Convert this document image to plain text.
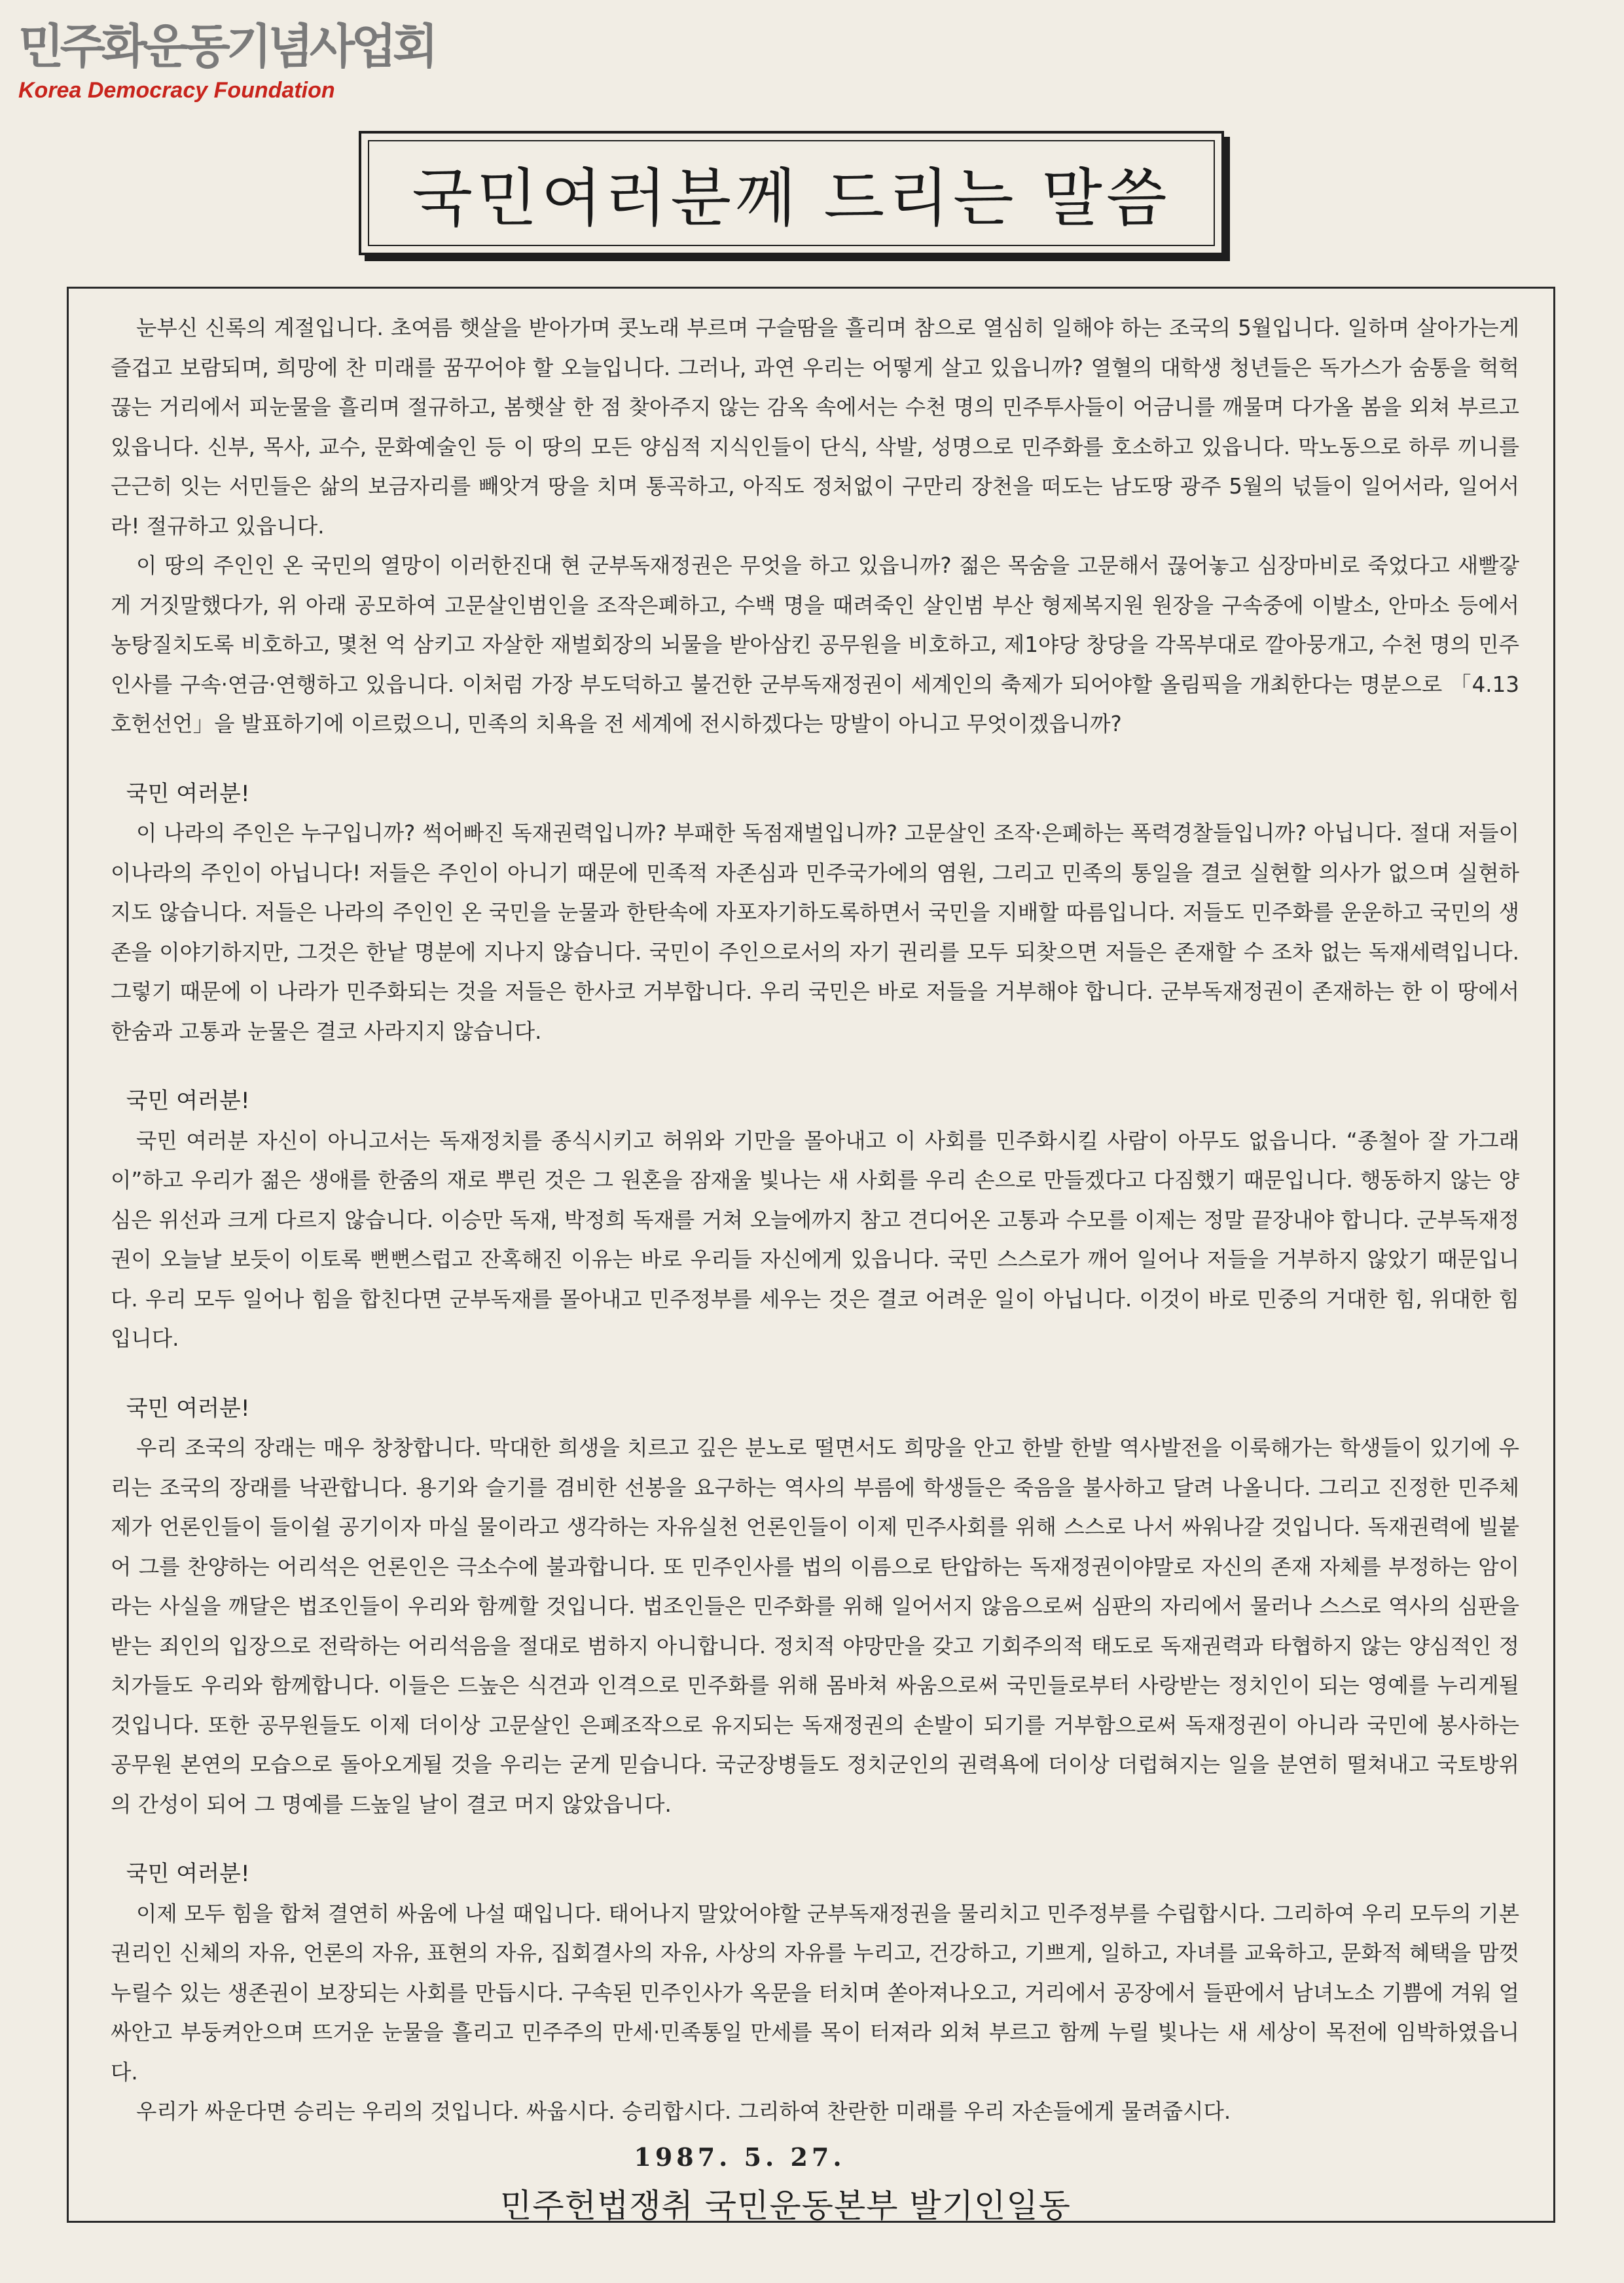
민주화운동기념사업회
Korea Democracy Foundation
국민여러분께 드리는 말씀

눈부신 신록의 계절입니다. 초여름 햇살을 받아가며 콧노래 부르며 구슬땀을 흘리며 참으로 열심히 일해야 하는 조국의 5월입니다. 일하며 살아가는게 즐겁고 보람되며, 희망에 찬 미래를 꿈꾸어야 할 오늘입니다. 그러나, 과연 우리는 어떻게 살고 있읍니까? 열혈의 대학생 청년들은 독가스가 숨통을 헉헉 끊는 거리에서 피눈물을 흘리며 절규하고, 봄햇살 한 점 찾아주지 않는 감옥 속에서는 수천 명의 민주투사들이 어금니를 깨물며 다가올 봄을 외쳐 부르고 있읍니다. 신부, 목사, 교수, 문화예술인 등 이 땅의 모든 양심적 지식인들이 단식, 삭발, 성명으로 민주화를 호소하고 있읍니다. 막노동으로 하루 끼니를 근근히 잇는 서민들은 삶의 보금자리를 빼앗겨 땅을 치며 통곡하고, 아직도 정처없이 구만리 장천을 떠도는 남도땅 광주 5월의 넋들이 일어서라, 일어서라! 절규하고 있읍니다.

이 땅의 주인인 온 국민의 열망이 이러한진대 현 군부독재정권은 무엇을 하고 있읍니까? 젊은 목숨을 고문해서 끊어놓고 심장마비로 죽었다고 새빨갛게 거짓말했다가, 위 아래 공모하여 고문살인범인을 조작은폐하고, 수백 명을 때려죽인 살인범 부산 형제복지원 원장을 구속중에 이발소, 안마소 등에서 농탕질치도록 비호하고, 몇천 억 삼키고 자살한 재벌회장의 뇌물을 받아삼킨 공무원을 비호하고, 제1야당 창당을 각목부대로 깔아뭉개고, 수천 명의 민주인사를 구속·연금·연행하고 있읍니다. 이처럼 가장 부도덕하고 불건한 군부독재정권이 세계인의 축제가 되어야할 올림픽을 개최한다는 명분으로 「4.13호헌선언」을 발표하기에 이르렀으니, 민족의 치욕을 전 세계에 전시하겠다는 망발이 아니고 무엇이겠읍니까?

국민 여러분!

이 나라의 주인은 누구입니까? 썩어빠진 독재권력입니까? 부패한 독점재벌입니까? 고문살인 조작·은폐하는 폭력경찰들입니까? 아닙니다. 절대 저들이 이나라의 주인이 아닙니다! 저들은 주인이 아니기 때문에 민족적 자존심과 민주국가에의 염원, 그리고 민족의 통일을 결코 실현할 의사가 없으며 실현하지도 않습니다. 저들은 나라의 주인인 온 국민을 눈물과 한탄속에 자포자기하도록하면서 국민을 지배할 따름입니다. 저들도 민주화를 운운하고 국민의 생존을 이야기하지만, 그것은 한낱 명분에 지나지 않습니다. 국민이 주인으로서의 자기 권리를 모두 되찾으면 저들은 존재할 수 조차 없는 독재세력입니다. 그렇기 때문에 이 나라가 민주화되는 것을 저들은 한사코 거부합니다. 우리 국민은 바로 저들을 거부해야 합니다. 군부독재정권이 존재하는 한 이 땅에서 한숨과 고통과 눈물은 결코 사라지지 않습니다.

국민 여러분!

국민 여러분 자신이 아니고서는 독재정치를 종식시키고 허위와 기만을 몰아내고 이 사회를 민주화시킬 사람이 아무도 없읍니다. “종철아 잘 가그래이”하고 우리가 젊은 생애를 한줌의 재로 뿌린 것은 그 원혼을 잠재울 빛나는 새 사회를 우리 손으로 만들겠다고 다짐했기 때문입니다. 행동하지 않는 양심은 위선과 크게 다르지 않습니다. 이승만 독재, 박정희 독재를 거쳐 오늘에까지 참고 견디어온 고통과 수모를 이제는 정말 끝장내야 합니다. 군부독재정권이 오늘날 보듯이 이토록 뻔뻔스럽고 잔혹해진 이유는 바로 우리들 자신에게 있읍니다. 국민 스스로가 깨어 일어나 저들을 거부하지 않았기 때문입니다. 우리 모두 일어나 힘을 합친다면 군부독재를 몰아내고 민주정부를 세우는 것은 결코 어려운 일이 아닙니다. 이것이 바로 민중의 거대한 힘, 위대한 힘입니다.

국민 여러분!

우리 조국의 장래는 매우 창창합니다. 막대한 희생을 치르고 깊은 분노로 떨면서도 희망을 안고 한발 한발 역사발전을 이룩해가는 학생들이 있기에 우리는 조국의 장래를 낙관합니다. 용기와 슬기를 겸비한 선봉을 요구하는 역사의 부름에 학생들은 죽음을 불사하고 달려 나올니다. 그리고 진정한 민주체제가 언론인들이 들이쉴 공기이자 마실 물이라고 생각하는 자유실천 언론인들이 이제 민주사회를 위해 스스로 나서 싸워나갈 것입니다. 독재권력에 빌붙어 그를 찬양하는 어리석은 언론인은 극소수에 불과합니다. 또 민주인사를 법의 이름으로 탄압하는 독재정권이야말로 자신의 존재 자체를 부정하는 암이라는 사실을 깨달은 법조인들이 우리와 함께할 것입니다. 법조인들은 민주화를 위해 일어서지 않음으로써 심판의 자리에서 물러나 스스로 역사의 심판을 받는 죄인의 입장으로 전락하는 어리석음을 절대로 범하지 아니합니다. 정치적 야망만을 갖고 기회주의적 태도로 독재권력과 타협하지 않는 양심적인 정치가들도 우리와 함께합니다. 이들은 드높은 식견과 인격으로 민주화를 위해 몸바쳐 싸움으로써 국민들로부터 사랑받는 정치인이 되는 영예를 누리게될 것입니다. 또한 공무원들도 이제 더이상 고문살인 은폐조작으로 유지되는 독재정권의 손발이 되기를 거부함으로써 독재정권이 아니라 국민에 봉사하는 공무원 본연의 모습으로 돌아오게될 것을 우리는 굳게 믿습니다. 국군장병들도 정치군인의 권력욕에 더이상 더럽혀지는 일을 분연히 떨쳐내고 국토방위의 간성이 되어 그 명예를 드높일 날이 결코 머지 않았읍니다.

국민 여러분!

이제 모두 힘을 합쳐 결연히 싸움에 나설 때입니다. 태어나지 말았어야할 군부독재정권을 물리치고 민주정부를 수립합시다. 그리하여 우리 모두의 기본권리인 신체의 자유, 언론의 자유, 표현의 자유, 집회결사의 자유, 사상의 자유를 누리고, 건강하고, 기쁘게, 일하고, 자녀를 교육하고, 문화적 혜택을 맘껏 누릴수 있는 생존권이 보장되는 사회를 만듭시다. 구속된 민주인사가 옥문을 터치며 쏟아져나오고, 거리에서 공장에서 들판에서 남녀노소 기쁨에 겨워 얼싸안고 부둥켜안으며 뜨거운 눈물을 흘리고 민주주의 만세·민족통일 만세를 목이 터져라 외쳐 부르고 함께 누릴 빛나는 새 세상이 목전에 임박하였읍니다.

우리가 싸운다면 승리는 우리의 것입니다. 싸웁시다. 승리합시다. 그리하여 찬란한 미래를 우리 자손들에게 물려줍시다.

1987. 5. 27.

민주헌법쟁취 국민운동본부 발기인일동
